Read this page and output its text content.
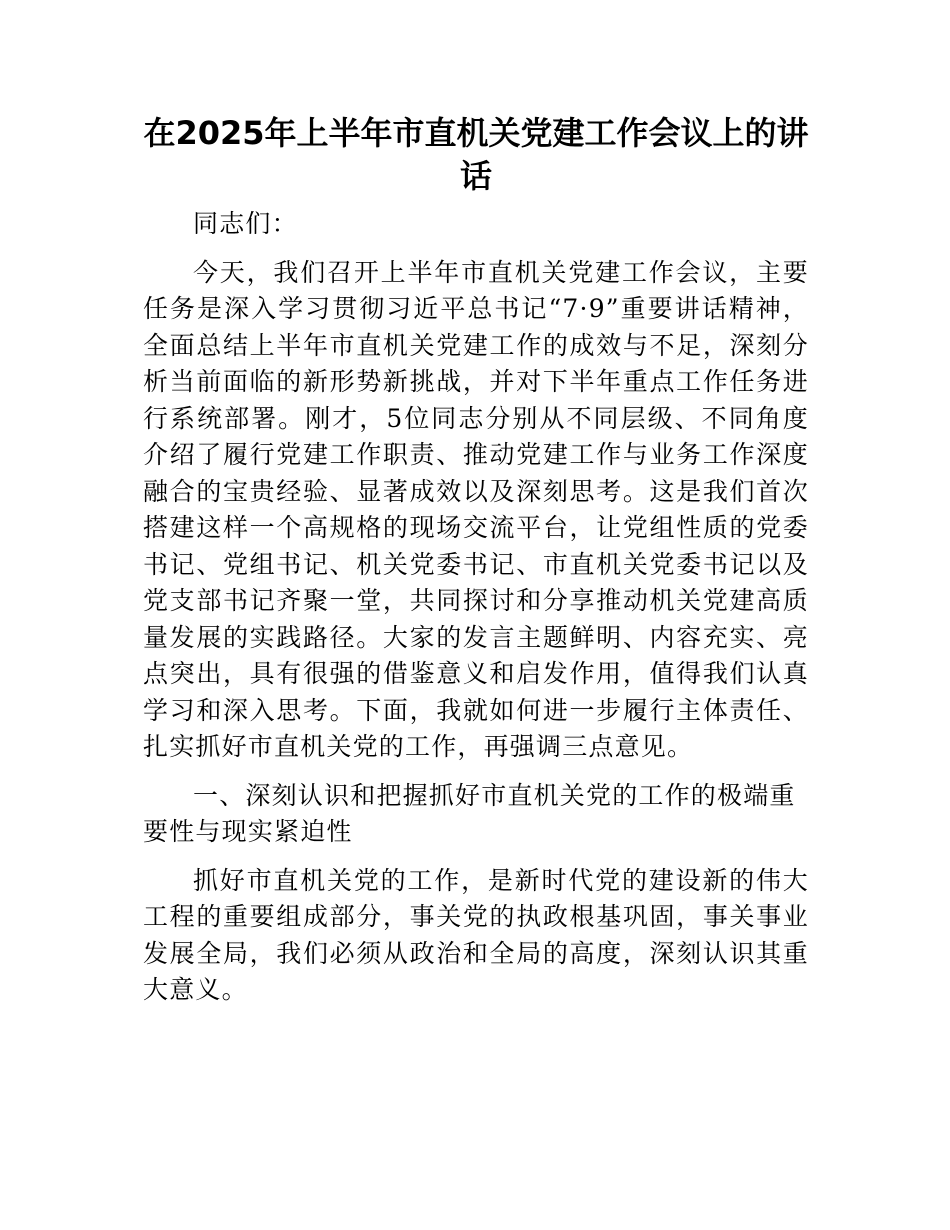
在2025年上半年市直机关党建工作会议上的讲话

同志们：

今天，我们召开上半年市直机关党建工作会议，主要任务是深入学习贯彻习近平总书记“7·9”重要讲话精神，全面总结上半年市直机关党建工作的成效与不足，深刻分析当前面临的新形势新挑战，并对下半年重点工作任务进行系统部署。刚才，5位同志分别从不同层级、不同角度介绍了履行党建工作职责、推动党建工作与业务工作深度融合的宝贵经验、显著成效以及深刻思考。这是我们首次搭建这样一个高规格的现场交流平台，让党组性质的党委书记、党组书记、机关党委书记、市直机关党委书记以及党支部书记齐聚一堂，共同探讨和分享推动机关党建高质量发展的实践路径。大家的发言主题鲜明、内容充实、亮点突出，具有很强的借鉴意义和启发作用，值得我们认真学习和深入思考。下面，我就如何进一步履行主体责任、扎实抓好市直机关党的工作，再强调三点意见。

一、深刻认识和把握抓好市直机关党的工作的极端重要性与现实紧迫性

抓好市直机关党的工作，是新时代党的建设新的伟大工程的重要组成部分，事关党的执政根基巩固，事关事业发展全局，我们必须从政治和全局的高度，深刻认识其重大意义。
